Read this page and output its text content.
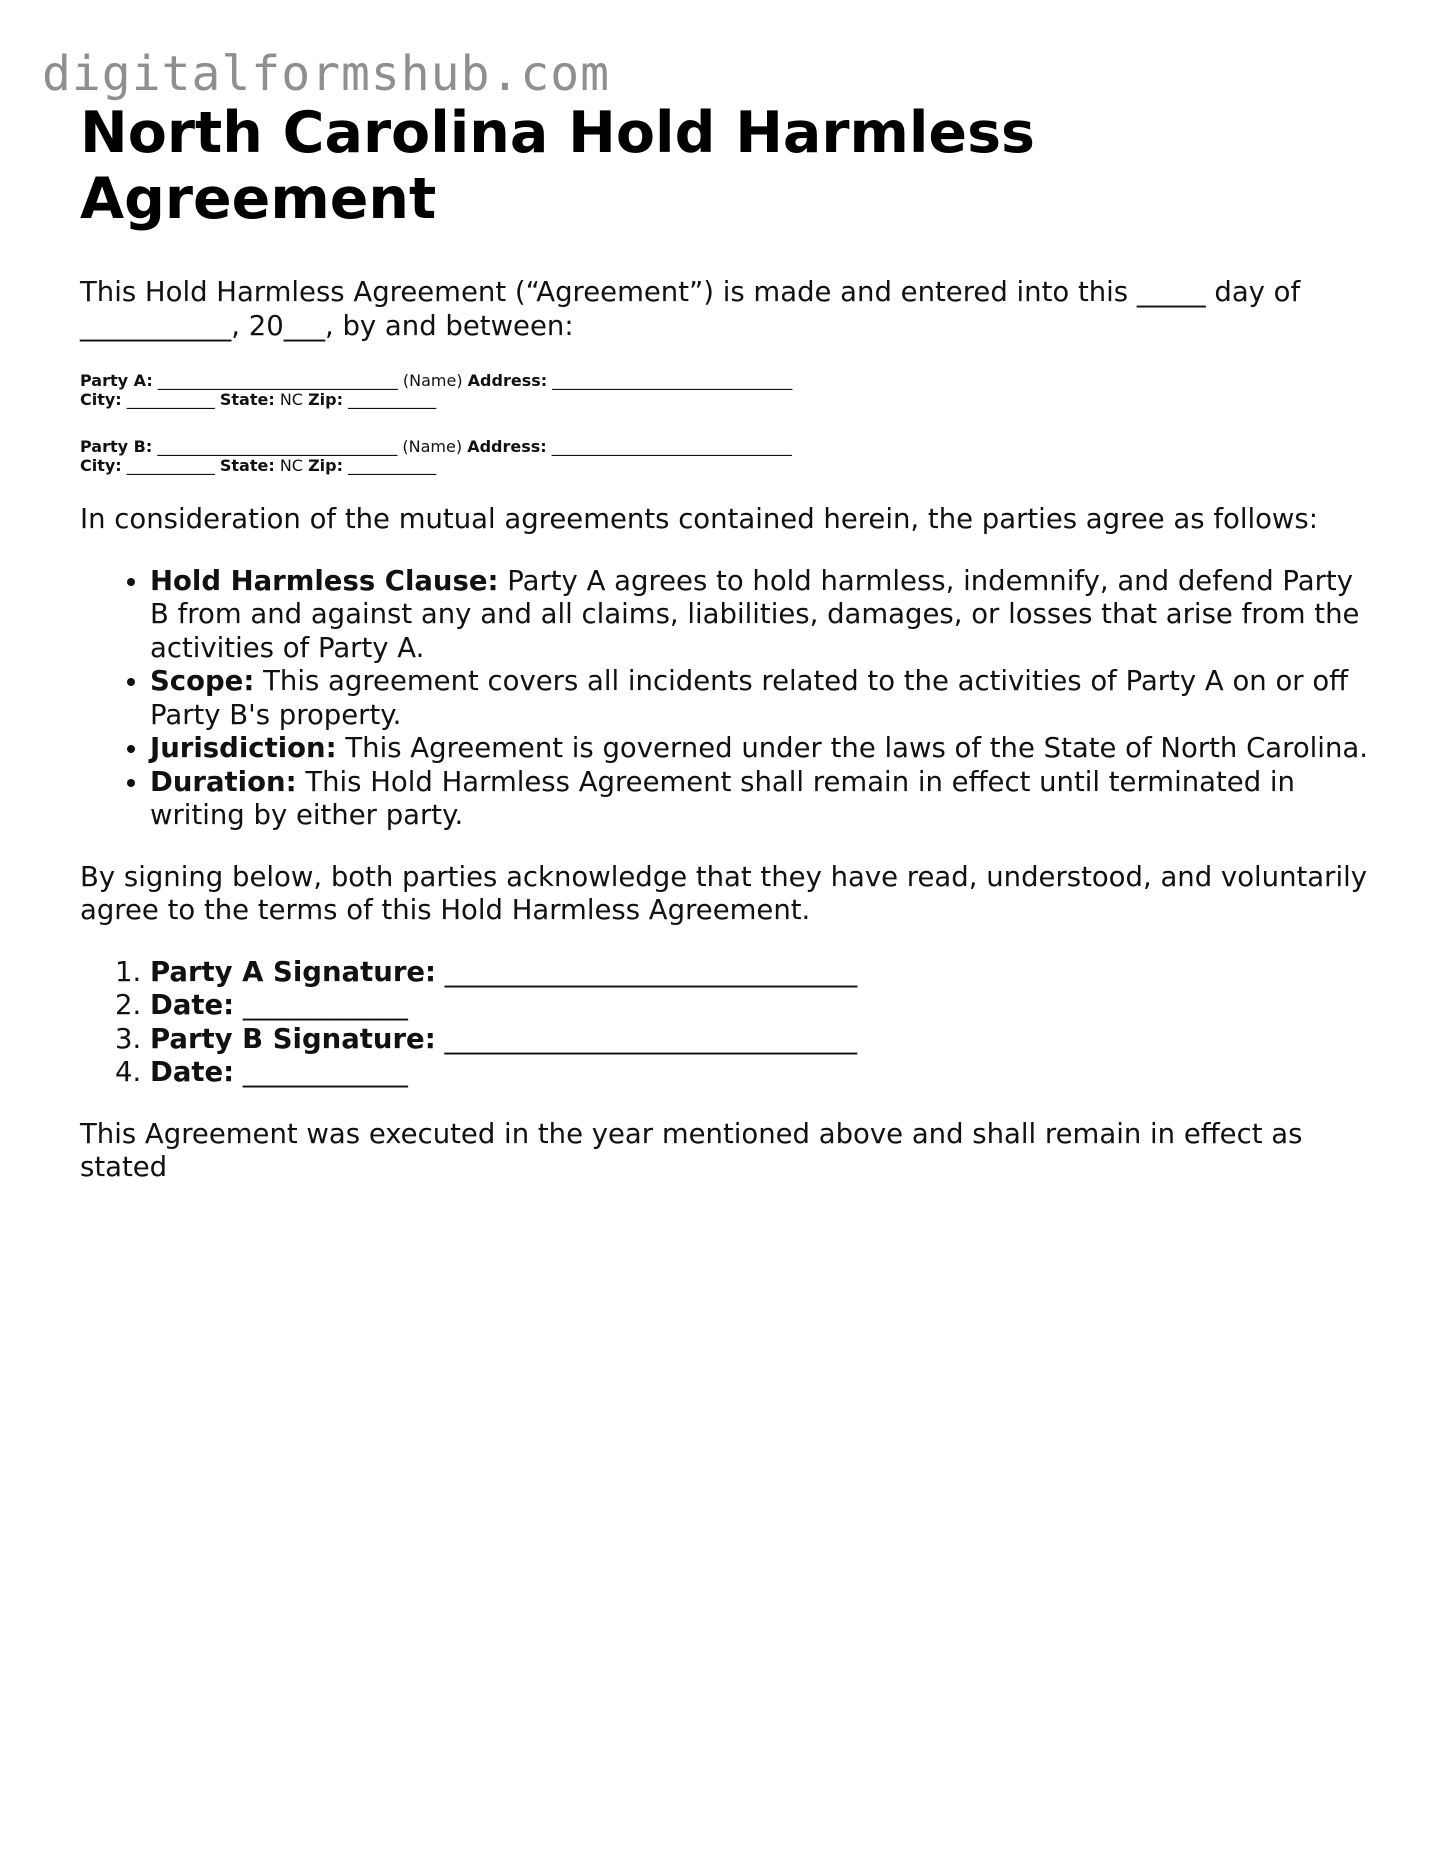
digitalformshub.com
North Carolina Hold Harmless Agreement

This Hold Harmless Agreement (“Agreement”) is made and entered into this _____ day of ___________, 20___, by and between:

Party A: ______________________________ (Name) Address: ______________________________
City: ___________ State: NC Zip: ___________
Party B: ______________________________ (Name) Address: ______________________________
City: ___________ State: NC Zip: ___________

In consideration of the mutual agreements contained herein, the parties agree as follows:

• Hold Harmless Clause: Party A agrees to hold harmless, indemnify, and defend Party B from and against any and all claims, liabilities, damages, or losses that arise from the activities of Party A.
• Scope: This agreement covers all incidents related to the activities of Party A on or off Party B's property.
• Jurisdiction: This Agreement is governed under the laws of the State of North Carolina.
• Duration: This Hold Harmless Agreement shall remain in effect until terminated in writing by either party.

By signing below, both parties acknowledge that they have read, understood, and voluntarily agree to the terms of this Hold Harmless Agreement.

1. Party A Signature: ______________________________
2. Date: ____________
3. Party B Signature: ______________________________
4. Date: ____________

This Agreement was executed in the year mentioned above and shall remain in effect as stated
